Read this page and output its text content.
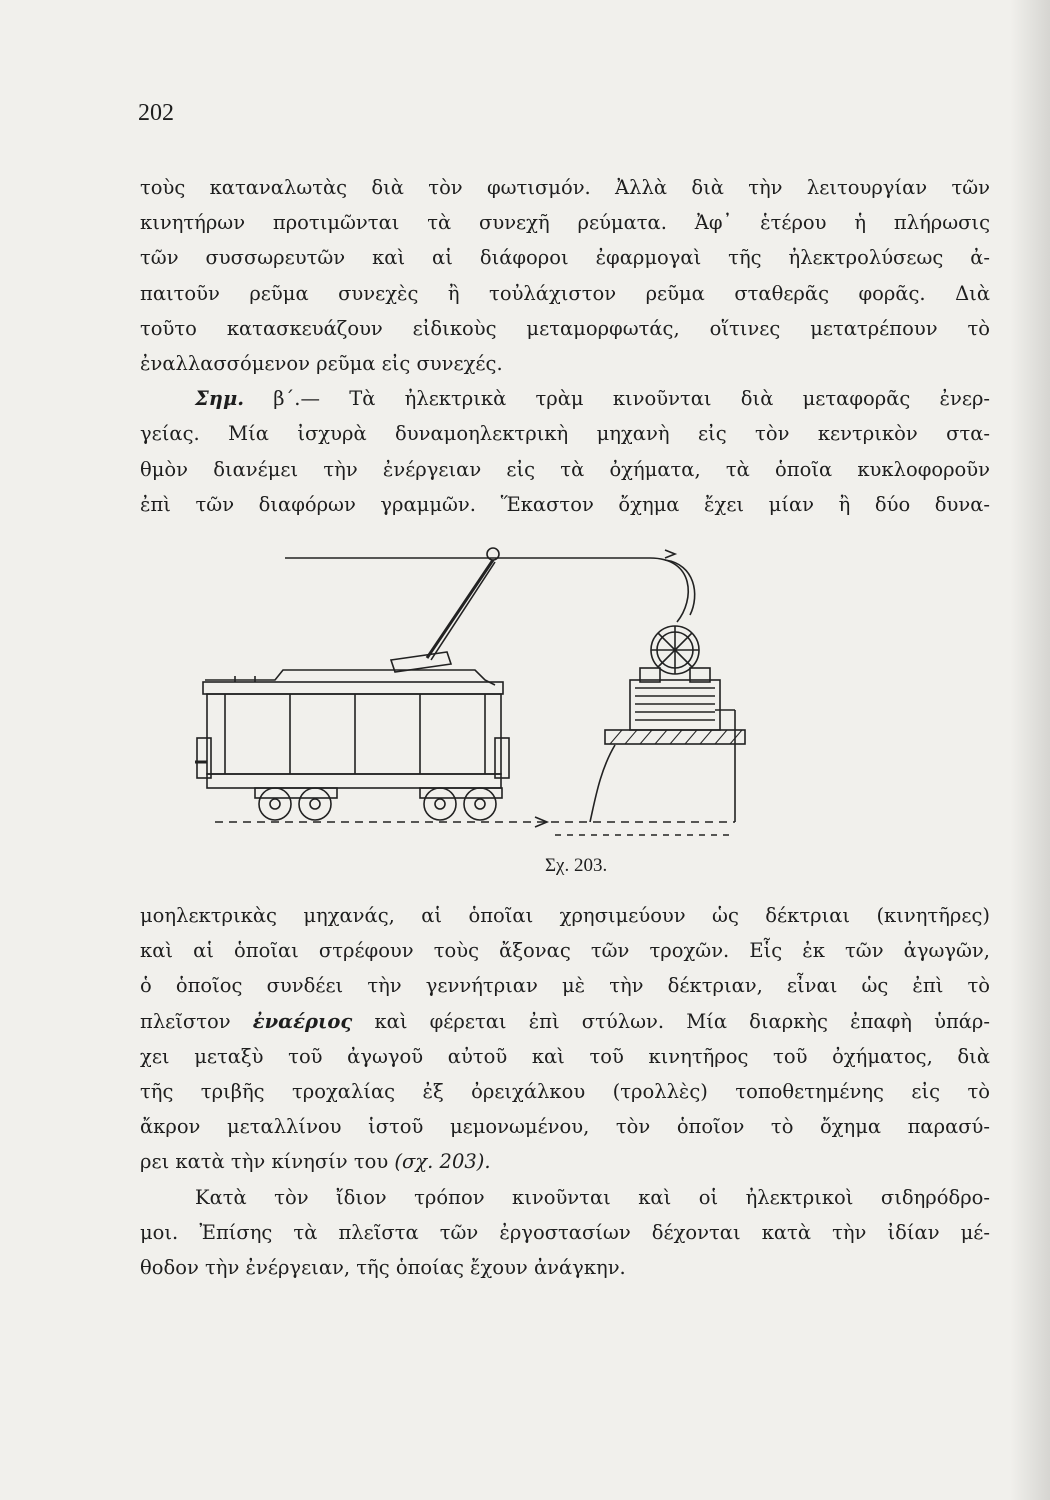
202
τοὺς καταναλωτὰς διὰ τὸν φωτισμόν. Ἀλλὰ διὰ τὴν λειτουργίαν τῶν
κινητήρων προτιμῶνται τὰ συνεχῆ ρεύματα. Ἀφ᾽ ἑτέρου ἡ πλήρωσις
τῶν συσσωρευτῶν καὶ αἱ διάφοροι ἐφαρμογαὶ τῆς ἠλεκτρολύσεως ἀ-
παιτοῦν ρεῦμα συνεχὲς ἢ τοὐλάχιστον ρεῦμα σταθερᾶς φορᾶς. Διὰ
τοῦτο κατασκευάζουν εἰδικοὺς μεταμορφωτάς, οἵτινες μετατρέπουν τὸ
ἐναλλασσόμενον ρεῦμα εἰς συνεχές.
Σημ. β΄.— Τὰ ἠλεκτρικὰ τρὰμ κινοῦνται διὰ μεταφορᾶς ἐνερ-
γείας. Μία ἰσχυρὰ δυναμοηλεκτρικὴ μηχανὴ εἰς τὸν κεντρικὸν στα-
θμὸν διανέμει τὴν ἐνέργειαν εἰς τὰ ὀχήματα, τὰ ὁποῖα κυκλοφοροῦν
ἐπὶ τῶν διαφόρων γραμμῶν. Ἕκαστον ὄχημα ἔχει μίαν ἢ δύο δυνα-
Σχ. 203.
μοηλεκτρικὰς μηχανάς, αἱ ὁποῖαι χρησιμεύουν ὡς δέκτριαι (κινητῆρες)
καὶ αἱ ὁποῖαι στρέφουν τοὺς ἄξονας τῶν τροχῶν. Εἷς ἐκ τῶν ἀγωγῶν,
ὁ ὁποῖος συνδέει τὴν γεννήτριαν μὲ τὴν δέκτριαν, εἶναι ὡς ἐπὶ τὸ
πλεῖστον ἐναέριος καὶ φέρεται ἐπὶ στύλων. Μία διαρκὴς ἐπαφὴ ὑπάρ-
χει μεταξὺ τοῦ ἀγωγοῦ αὐτοῦ καὶ τοῦ κινητῆρος τοῦ ὀχήματος, διὰ
τῆς τριβῆς τροχαλίας ἐξ ὀρειχάλκου (τρολλὲς) τοποθετημένης εἰς τὸ
ἄκρον μεταλλίνου ἱστοῦ μεμονωμένου, τὸν ὁποῖον τὸ ὄχημα παρασύ-
ρει κατὰ τὴν κίνησίν του (σχ. 203).
Κατὰ τὸν ἴδιον τρόπον κινοῦνται καὶ οἱ ἠλεκτρικοὶ σιδηρόδρο-
μοι. Ἐπίσης τὰ πλεῖστα τῶν ἐργοστασίων δέχονται κατὰ τὴν ἰδίαν μέ-
θοδον τὴν ἐνέργειαν, τῆς ὁποίας ἔχουν ἀνάγκην.
